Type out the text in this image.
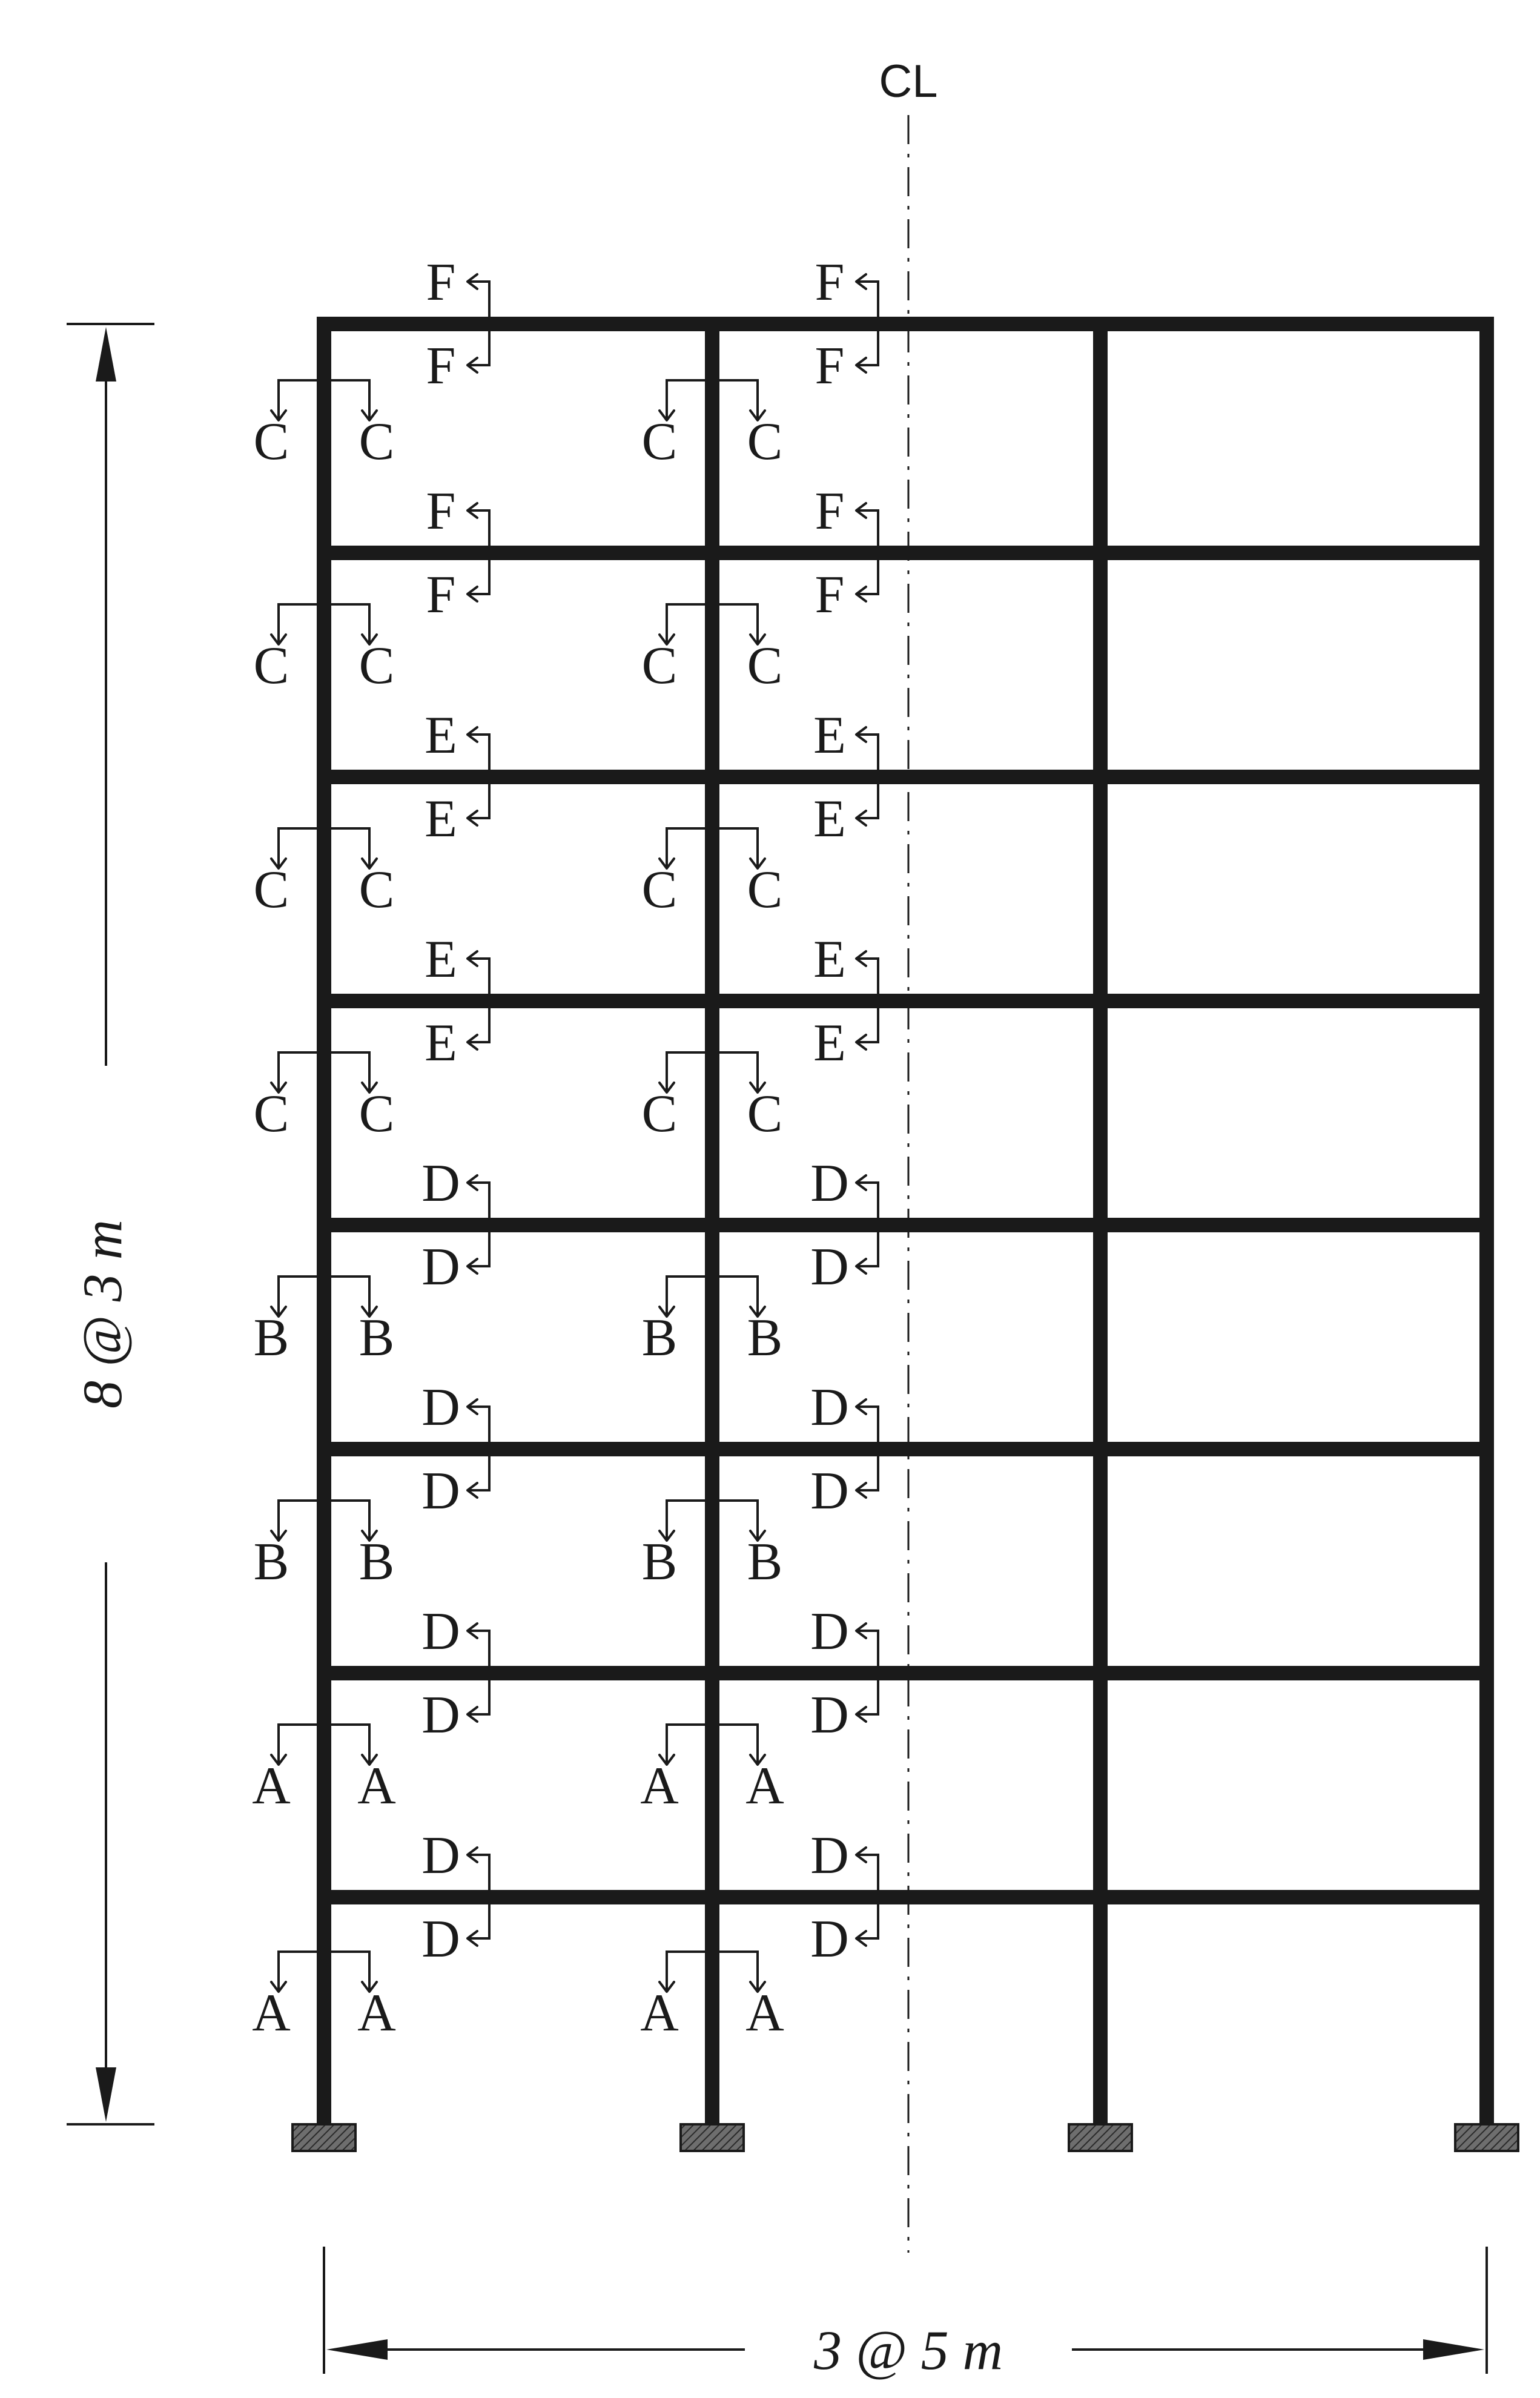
F
F
F
F
F
F
F
F
E
E
E
E
E
E
E
E
D
D
D
D
D
D
D
D
D
D
D
D
D
D
D
D
C C	C C
C C	C C
C C	C C
C C	C C
B B	B B
B B	B B
A A	A A
A A	A A
CL
8 @ 3 m
3 @ 5 m
